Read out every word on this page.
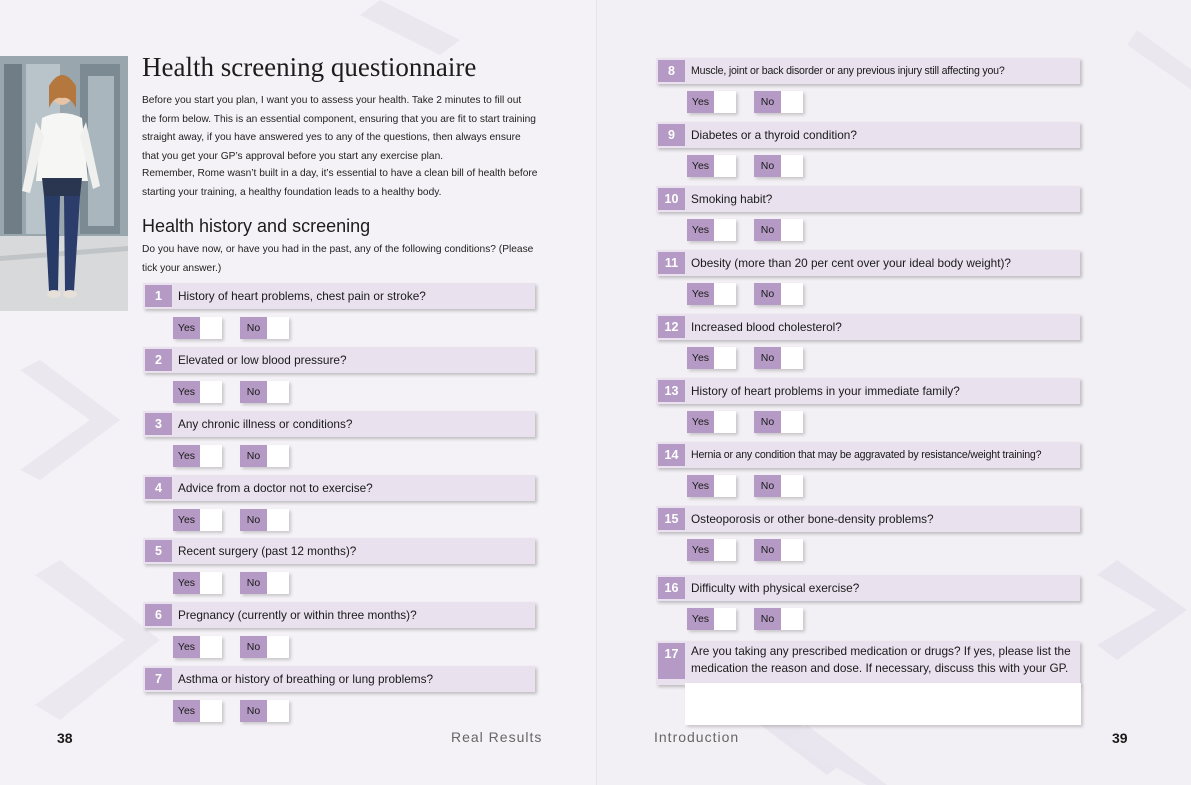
Health screening questionnaire
Before you start you plan, I want you to assess your health. Take 2 minutes to fill out the form below. This is an essential component, ensuring that you are fit to start training straight away, if you have answered yes to any of the questions, then always ensure that you get your GP’s approval before you start any exercise plan.
Remember, Rome wasn’t built in a day, it’s essential to have a clean bill of health before starting your training, a healthy foundation leads to a healthy body.
Health history and screening
Do you have now, or have you had in the past, any of the following conditions? (Please tick your answer.)
1	History of heart problems, chest pain or stroke?
Yes	No
2	Elevated or low blood pressure?
Yes	No
3	Any chronic illness or conditions?
Yes	No
4	Advice from a doctor not to exercise?
Yes	No
5	Recent surgery (past 12 months)?
Yes	No
6	Pregnancy (currently or within three months)?
Yes	No
7	Asthma or history of breathing or lung problems?
Yes	No
38	Real Results
8	Muscle, joint or back disorder or any previous injury still affecting you?
Yes	No
9	Diabetes or a thyroid condition?
Yes	No
10	Smoking habit?
Yes	No
11	Obesity (more than 20 per cent over your ideal body weight)?
Yes	No
12	Increased blood cholesterol?
Yes	No
13	History of heart problems in your immediate family?
Yes	No
14	Hernia or any condition that may be aggravated by resistance/weight training?
Yes	No
15	Osteoporosis or other bone-density problems?
Yes	No
16	Difficulty with physical exercise?
Yes	No
17	Are you taking any prescribed medication or drugs? If yes, please list the medication the reason and dose. If necessary, discuss this with your GP.
Introduction	39
